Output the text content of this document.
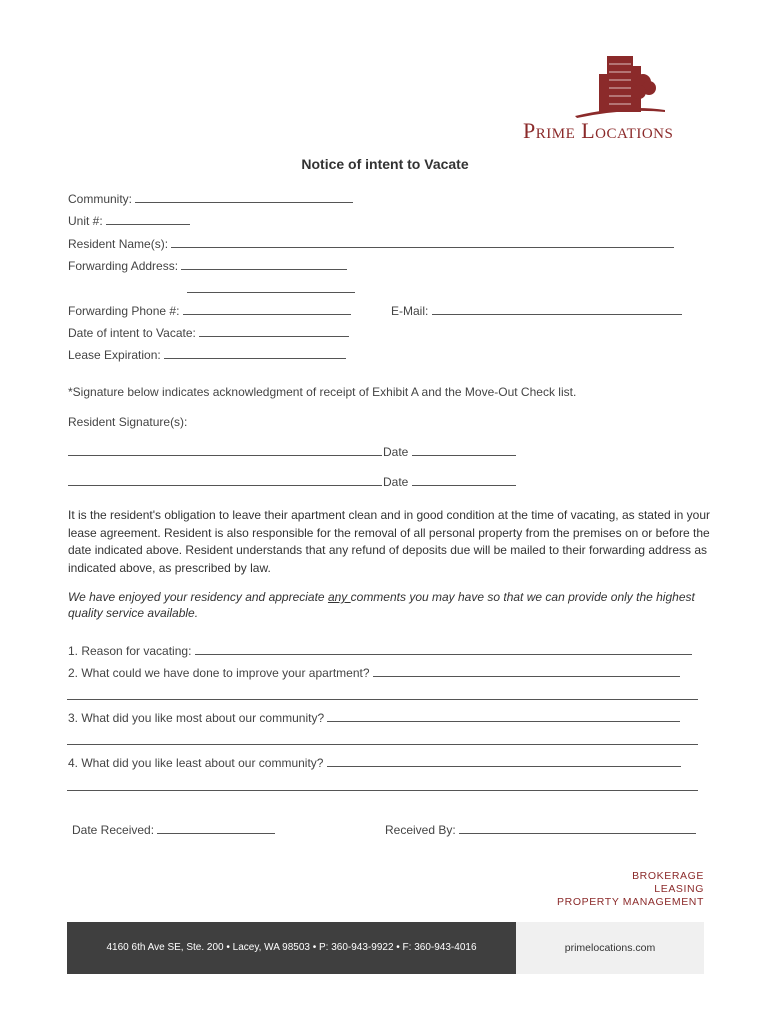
Prime Locations
Notice of intent to Vacate
Community:
Unit #:
Resident Name(s):
Forwarding Address:
Forwarding Phone #:	E-Mail:
Date of intent to Vacate:
Lease Expiration:
*Signature below indicates acknowledgment of receipt of Exhibit A and the Move-Out Check list.
Resident Signature(s):
Date
Date
It is the resident's obligation to leave their apartment clean and in good condition at the time of vacating, as stated in your lease agreement. Resident is also responsible for the removal of all personal property from the premises on or before the date indicated above. Resident understands that any refund of deposits due will be mailed to their forwarding address as indicated above, as prescribed by law.
We have enjoyed your residency and appreciate any comments you may have so that we can provide only the highest quality service available.
1. Reason for vacating:
2. What could we have done to improve your apartment?
3. What did you like most about our community?
4. What did you like least about our community?
Date Received:	Received By:
BROKERAGE
LEASING
PROPERTY MANAGEMENT
4160 6th Ave SE, Ste. 200 • Lacey, WA 98503 • P: 360-943-9922 • F: 360-943-4016	primelocations.com
